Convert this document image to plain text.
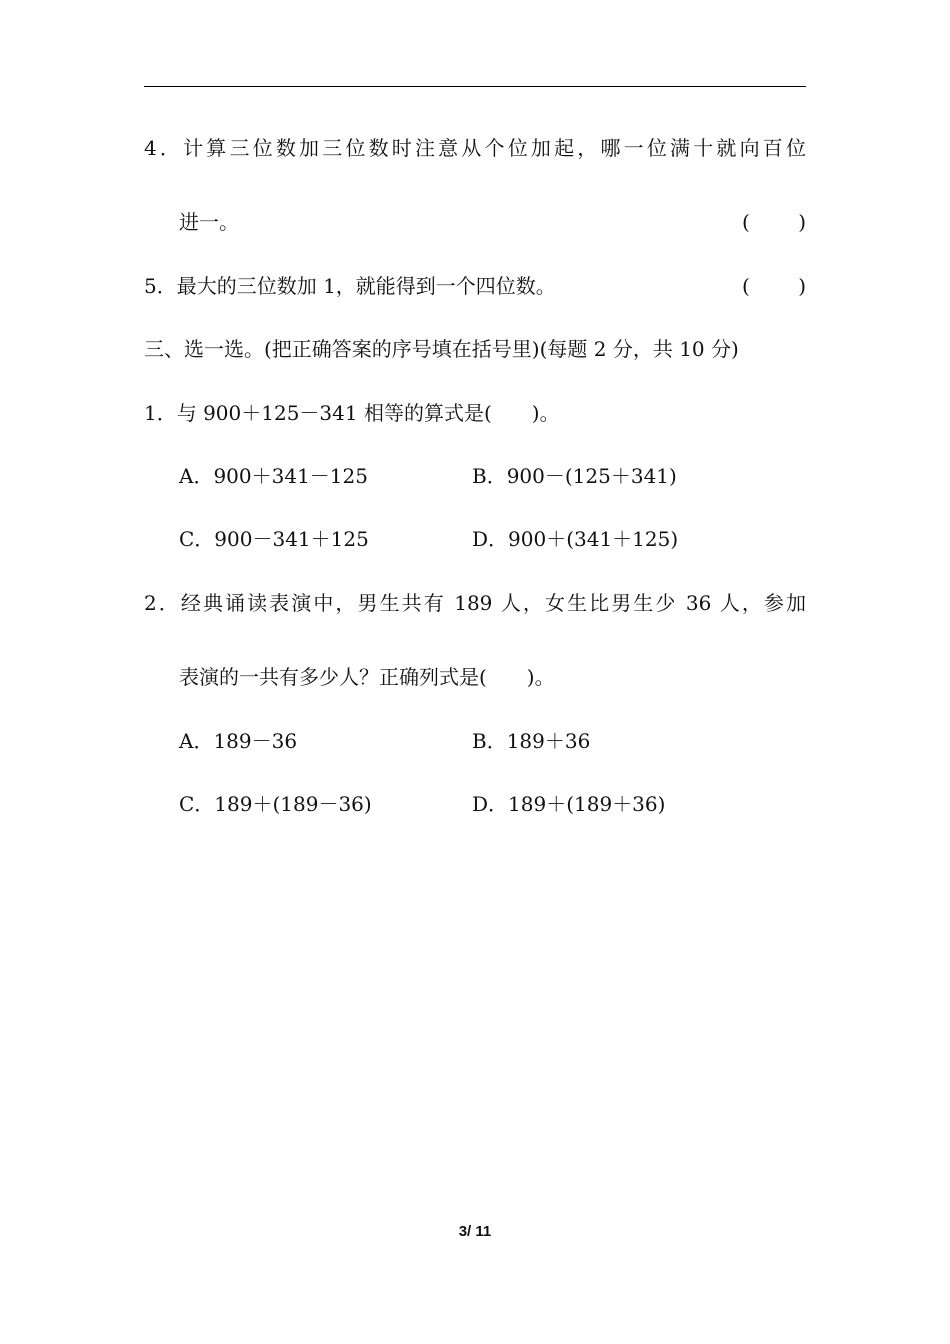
4．计算三位数加三位数时注意从个位加起，哪一位满十就向百位
进一。	( )
5．最大的三位数加 1，就能得到一个四位数。	( )
三、选一选。(把正确答案的序号填在括号里)(每题 2 分，共 10 分)
1．与 900＋125－341 相等的算式是(　　)。
A．900＋341－125	B．900－(125＋341)
C．900－341＋125	D．900＋(341＋125)
2．经典诵读表演中，男生共有 189 人，女生比男生少 36 人，参加
表演的一共有多少人？正确列式是(　　)。
A．189－36	B．189＋36
C．189＋(189－36)	D．189＋(189＋36)
3/ 11
